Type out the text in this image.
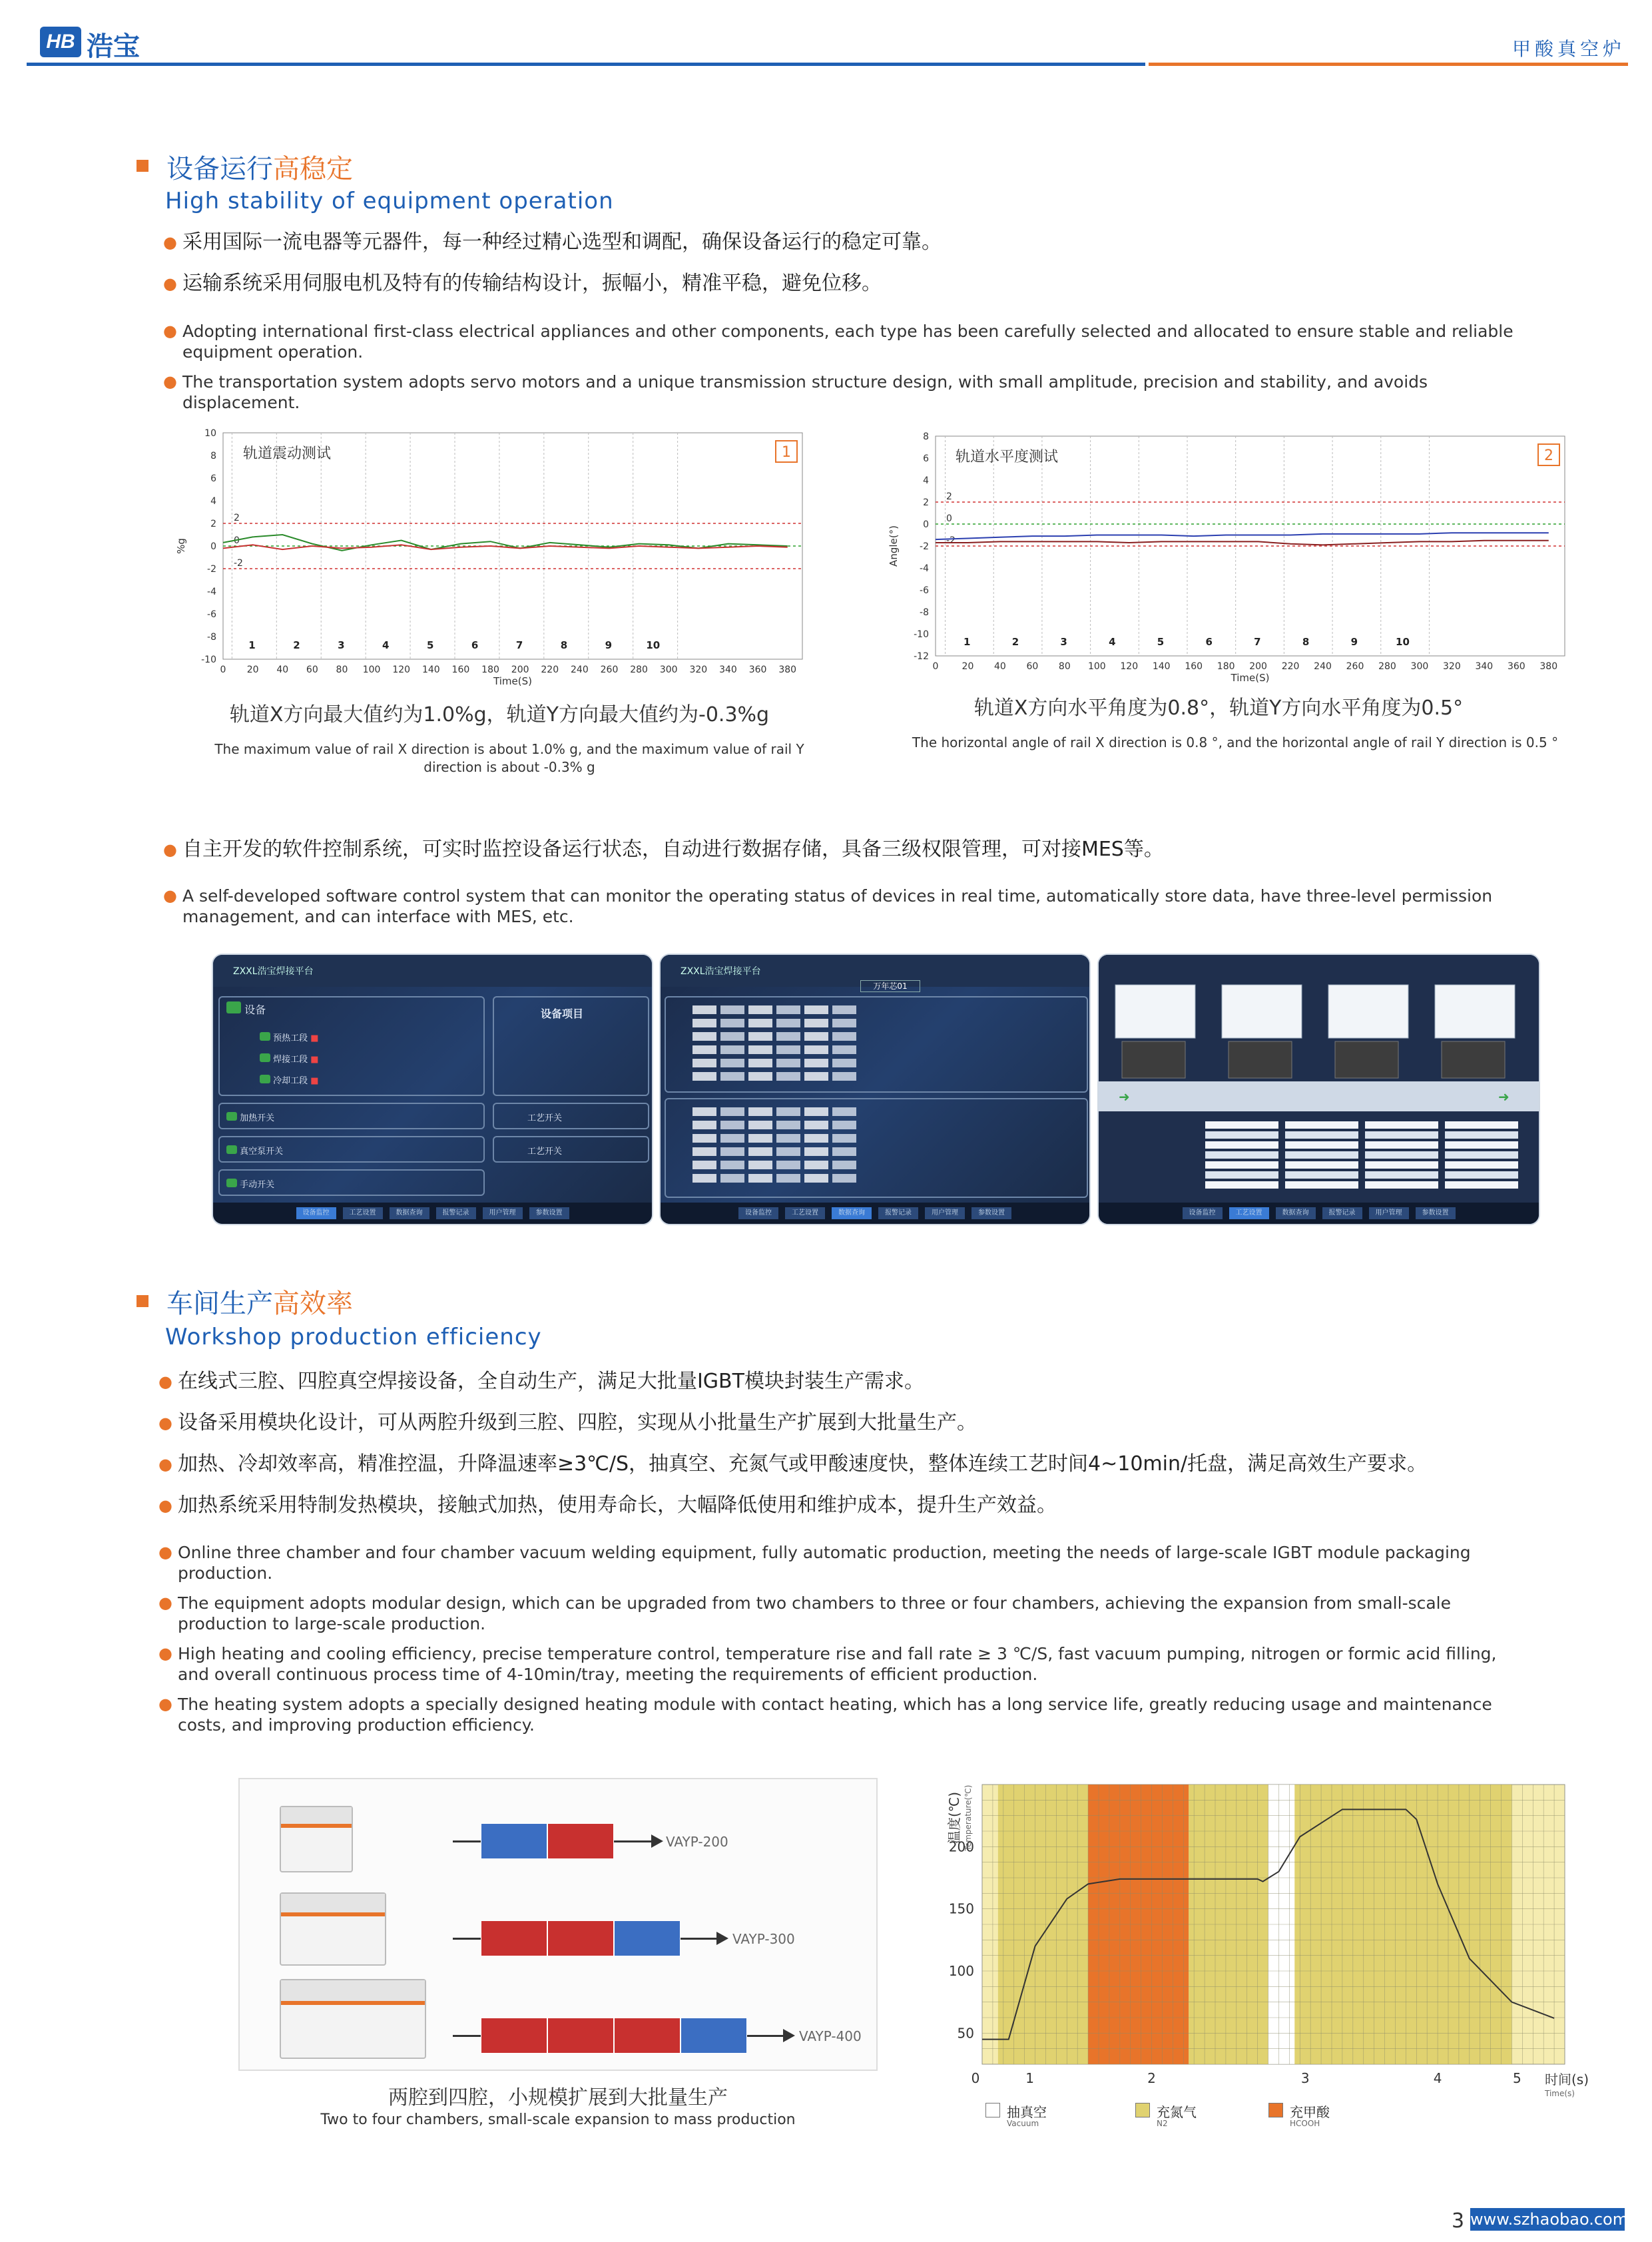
HB 浩宝	甲酸真空炉
设备运行高稳定
High stability of equipment operation
● 采用国际一流电器等元器件，每一种经过精心选型和调配，确保设备运行的稳定可靠。
● 运输系统采用伺服电机及特有的传输结构设计，振幅小，精准平稳，避免位移。
● Adopting international first-class electrical appliances and other components, each type has been carefully selected and allocated to ensure stable and reliable equipment operation.
● The transportation system adopts servo motors and a unique transmission structure design, with small amplitude, precision and stability, and avoids displacement.
1	2	3	4	5	6	7	8	9	10
2
0
-2
0 20 40 60 80 100 120 140 160 180 200 220 240 260 280 300 320 340 360 380
-10
-8
-6
-4
-2
0
2
4
6
8
10
Time(S)
%g
轨道震动测试	1
轨道X方向最大值约为1.0%g，轨道Y方向最大值约为-0.3%g
The maximum value of rail X direction is about 1.0% g, and the maximum value of rail Y direction is about -0.3% g
1	2	3	4	5	6	7	8	9	10
2
0
-2
0	20 40 60 80 100 120 140 160 180 200 220 240 260 280 300 320 340 360 380
-12
-10
-8
-6
-4
-2
0
2
4
6
8
Time(S)
Angle(°)
轨道水平度测试	2
轨道X方向水平角度为0.8°，轨道Y方向水平角度为0.5°
The horizontal angle of rail X direction is 0.8 °, and the horizontal angle of rail Y direction is 0.5 °
● 自主开发的软件控制系统，可实时监控设备运行状态，自动进行数据存储，具备三级权限管理，可对接MES等。
● A self-developed software control system that can monitor the operating status of devices in real time, automatically store data, have three-level permission management, and can interface with MES, etc.
ZXXL浩宝焊接平台
设备
预热工段 ■
焊接工段 ■
冷却工段 ■
设备项目
加热开关
真空泵开关
手动开关
工艺开关
工艺开关
设备监控	工艺设置	数据查询	报警记录	用户管理	参数设置
ZXXL浩宝焊接平台
万年芯01
设备监控	工艺设置	数据查询	报警记录	用户管理	参数设置
➜	➜
设备监控	工艺设置	数据查询	报警记录	用户管理	参数设置
车间生产高效率
Workshop production efficiency
● 在线式三腔、四腔真空焊接设备，全自动生产，满足大批量IGBT模块封装生产需求。
● 设备采用模块化设计，可从两腔升级到三腔、四腔，实现从小批量生产扩展到大批量生产。
● 加热、冷却效率高，精准控温，升降温速率≥3℃/S，抽真空、充氮气或甲酸速度快，整体连续工艺时间4~10min/托盘，满足高效生产要求。
● 加热系统采用特制发热模块，接触式加热，使用寿命长，大幅降低使用和维护成本，提升生产效益。
● Online three chamber and four chamber vacuum welding equipment, fully automatic production, meeting the needs of large-scale IGBT module packaging production.
● The equipment adopts modular design, which can be upgraded from two chambers to three or four chambers, achieving the expansion from small-scale production to large-scale production.
● High heating and cooling efficiency, precise temperature control, temperature rise and fall rate ≥ 3 ℃/S, fast vacuum pumping, nitrogen or formic acid filling, and overall continuous process time of 4-10min/tray, meeting the requirements of efficient production.
● The heating system adopts a specially designed heating module with contact heating, which has a long service life, greatly reducing usage and maintenance costs, and improving production efficiency.
VAYP-200
VAYP-300
VAYP-400
两腔到四腔，小规模扩展到大批量生产
Two to four chambers, small-scale expansion to mass production
0	1	2	3	4	5
50
100
150
200
时间(s)
Time(s)
温度(℃) Temperature(℃)
抽真空
Vacuum
充氮气
N2
充甲酸
HCOOH
3 www.szhaobao.com
